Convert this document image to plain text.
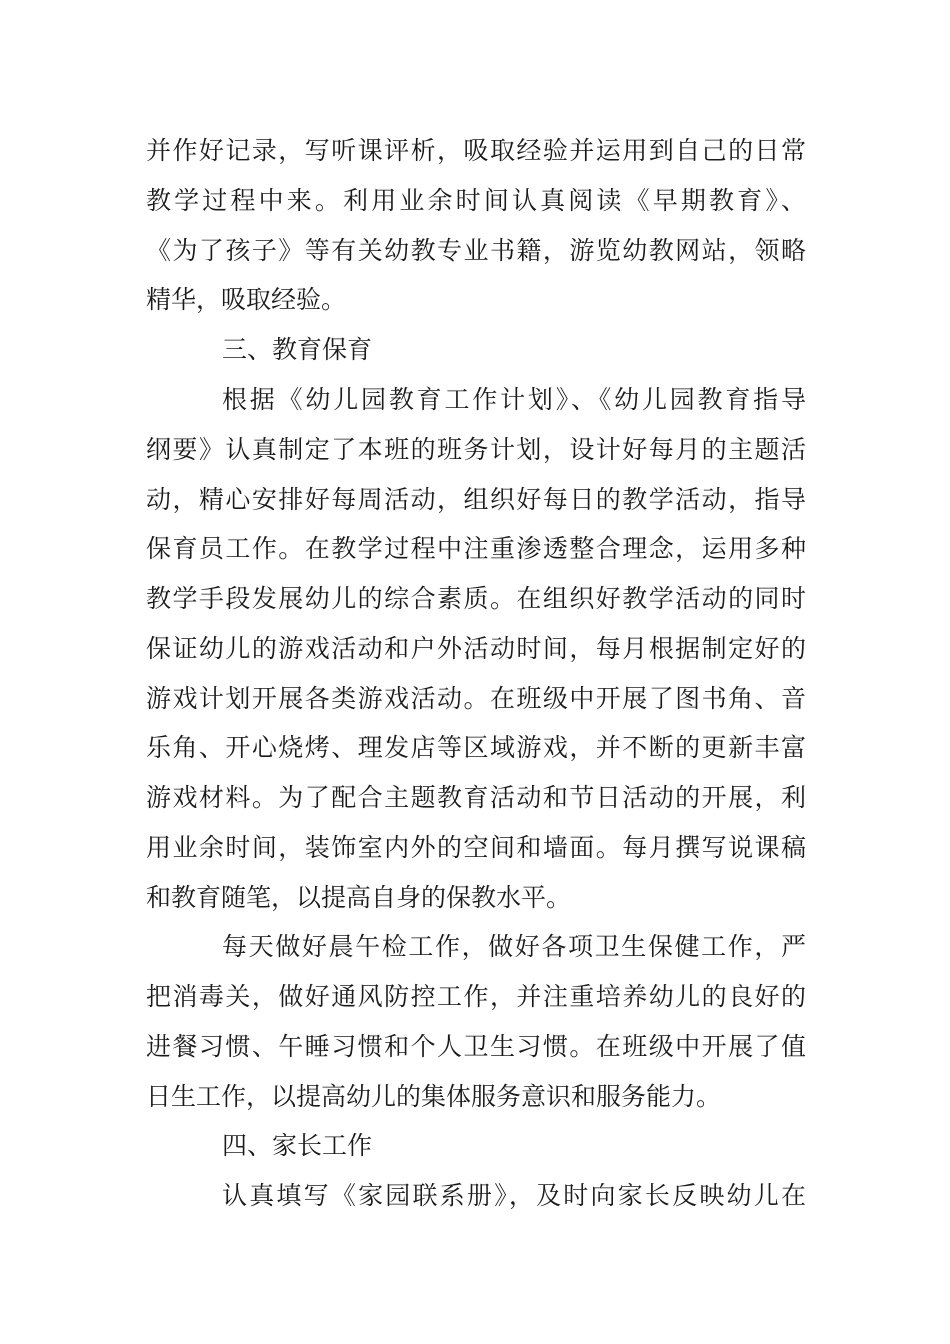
并作好记录，写听课评析，吸取经验并运用到自己的日常
教学过程中来。利用业余时间认真阅读《早期教育》、
《为了孩子》等有关幼教专业书籍，游览幼教网站，领略
精华，吸取经验。
三、教育保育
根据《幼儿园教育工作计划》、《幼儿园教育指导
纲要》认真制定了本班的班务计划，设计好每月的主题活
动，精心安排好每周活动，组织好每日的教学活动，指导
保育员工作。在教学过程中注重渗透整合理念，运用多种
教学手段发展幼儿的综合素质。在组织好教学活动的同时
保证幼儿的游戏活动和户外活动时间，每月根据制定好的
游戏计划开展各类游戏活动。在班级中开展了图书角、音
乐角、开心烧烤、理发店等区域游戏，并不断的更新丰富
游戏材料。为了配合主题教育活动和节日活动的开展，利
用业余时间，装饰室内外的空间和墙面。每月撰写说课稿
和教育随笔，以提高自身的保教水平。
每天做好晨午检工作，做好各项卫生保健工作，严
把消毒关，做好通风防控工作，并注重培养幼儿的良好的
进餐习惯、午睡习惯和个人卫生习惯。在班级中开展了值
日生工作，以提高幼儿的集体服务意识和服务能力。
四、家长工作
认真填写《家园联系册》，及时向家长反映幼儿在
